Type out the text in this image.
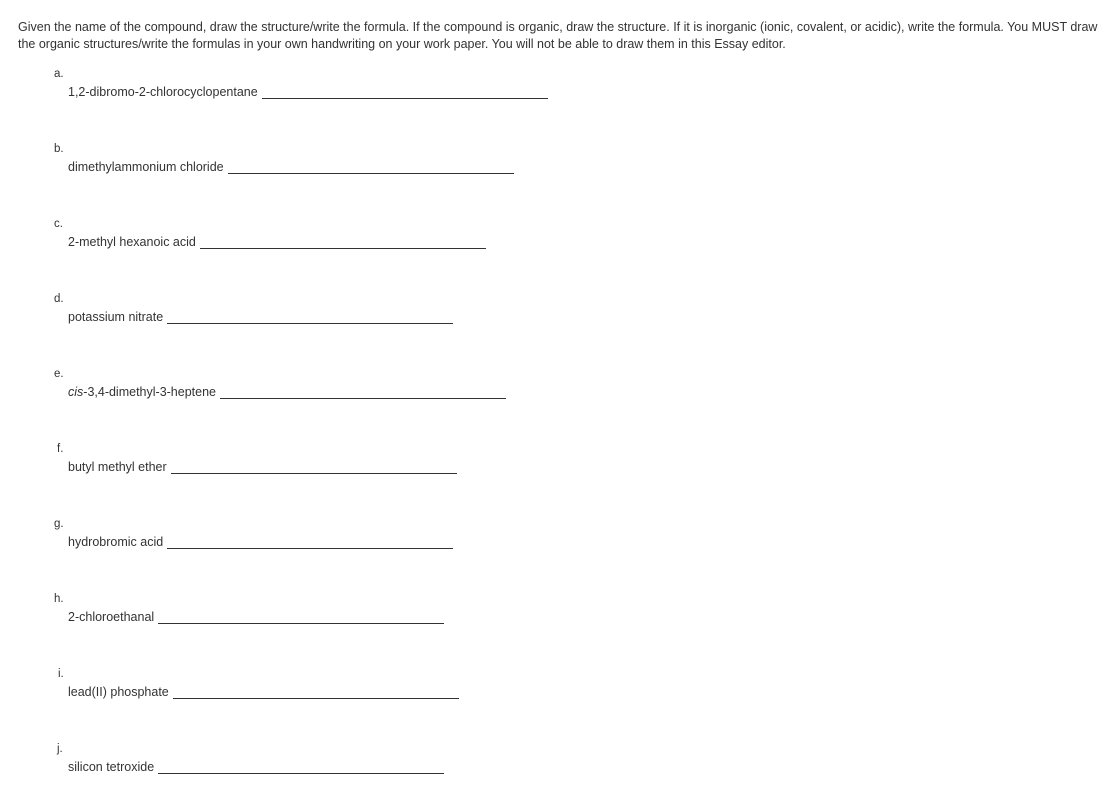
Given the name of the compound, draw the structure/write the formula. If the compound is organic, draw the structure. If it is inorganic (ionic, covalent, or acidic), write the formula. You MUST draw the organic structures/write the formulas in your own handwriting on your work paper. You will not be able to draw them in this Essay editor.

a.
1,2-dibromo-2-chlorocyclopentane
b.
dimethylammonium chloride
c.
2-methyl hexanoic acid
d.
potassium nitrate
e.
cis-3,4-dimethyl-3-heptene
f.
butyl methyl ether
g.
hydrobromic acid
h.
2-chloroethanal
i.
lead(II) phosphate
j.
silicon tetroxide
